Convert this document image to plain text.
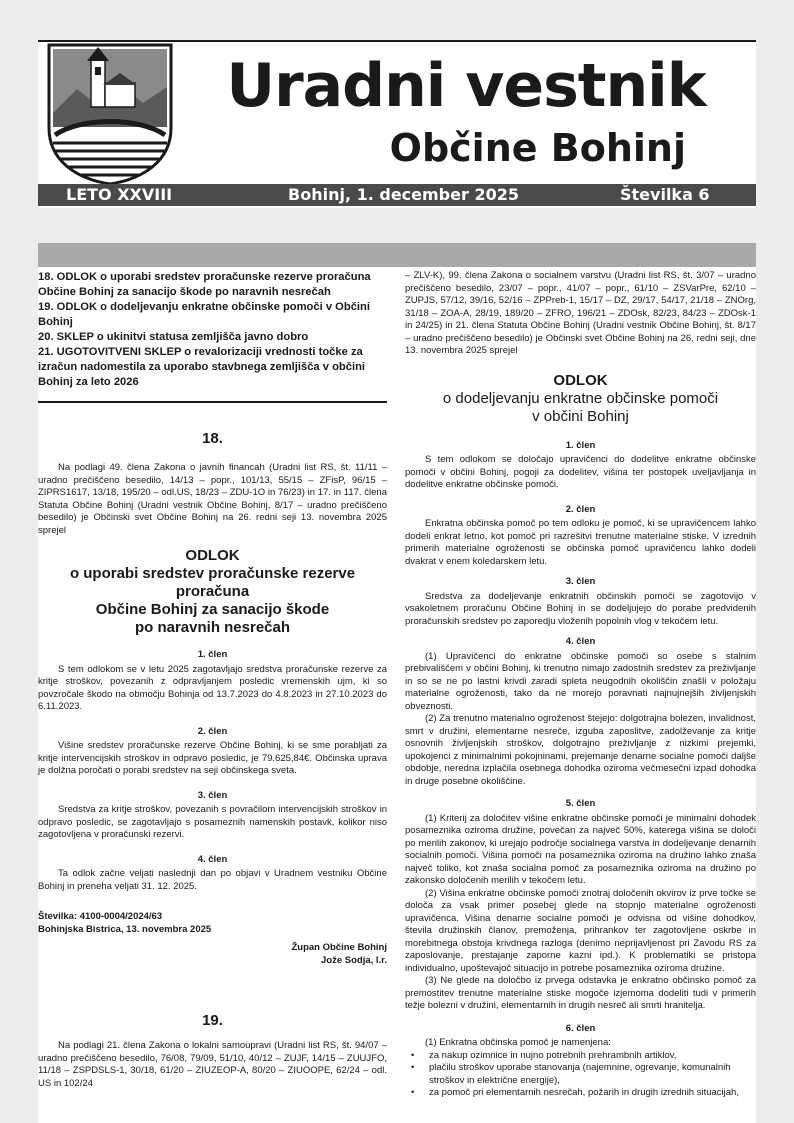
Uradni vestnik
Občine Bohinj
LETO XXVIII	Bohinj, 1. december 2025	Številka 6
18. ODLOK o uporabi sredstev proračunske rezerve proračuna Občine Bohinj za sanacijo škode po naravnih nesrečah
19. ODLOK o dodeljevanju enkratne občinske pomoči v Občini Bohinj
20. SKLEP o ukinitvi statusa zemljišča javno dobro
21. UGOTOVITVENI SKLEP o revalorizaciji vrednosti točke za izračun nadomestila za uporabo stavbnega zemljišča v občini Bohinj za leto 2026
18.

Na podlagi 49. člena Zakona o javnih financah (Uradni list RS, št. 11/11 – uradno prečiščeno besedilo, 14/13 – popr., 101/13, 55/15 – ZFisP, 96/15 – ZIPRS1617, 13/18, 195/20 – odl.US, 18/23 – ZDU-1O in 76/23) in 17. in 117. člena Statuta Občine Bohinj (Uradni vestnik Občine Bohinj, 8/17 – uradno prečiščeno besedilo) je Občinski svet Občine Bohinj na 26. redni seji 13. novembra 2025 sprejel

ODLOK
o uporabi sredstev proračunske rezerve proračuna
Občine Bohinj za sanacijo škode
po naravnih nesrečah
1. člen

S tem odlokom se v letu 2025 zagotavljajo sredstva proračunske rezerve za kritje stroškov, povezanih z odpravljanjem posledic vremenskih ujm, ki so povzročale škodo na območju Bohinja od 13.7.2023 do 4.8.2023 in 27.10.2023 do 6.11.2023.

2. člen

Višine sredstev proračunske rezerve Občine Bohinj, ki se sme porabljati za kritje intervencijskih stroškov in odpravo posledic, je 79.625,84€. Občinska uprava je dolžna poročati o porabi sredstev na seji občinskega sveta.

3. člen

Sredstva za kritje stroškov, povezanih s povračilom intervencijskih stroškov in odpravo posledic, se zagotavljajo s posameznih namenskih postavk, kolikor niso zagotovljena v proračunski rezervi.

4. člen

Ta odlok začne veljati naslednji dan po objavi v Uradnem vestniku Občine Bohinj in preneha veljati 31. 12. 2025.

Številka: 4100-0004/2024/63
Bohinjska Bistrica, 13. novembra 2025
Župan Občine Bohinj
Jože Sodja, l.r.
19.

Na podlagi 21. člena Zakona o lokalni samoupravi (Uradni list RS, št. 94/07 – uradno prečiščeno besedilo, 76/08, 79/09, 51/10, 40/12 – ZUJF, 14/15 – ZUUJFO, 11/18 – ZSPDSLS-1, 30/18, 61/20 – ZIUZEOP-A, 80/20 – ZIUOOPE, 62/24 – odl. US in 102/24

– ZLV-K), 99. člena Zakona o socialnem varstvu (Uradni list RS, št. 3/07 – uradno prečiščeno besedilo, 23/07 – popr., 41/07 – popr., 61/10 – ZSVarPre, 62/10 – ZUPJS, 57/12, 39/16, 52/16 – ZPPreb-1, 15/17 – DZ, 29/17, 54/17, 21/18 – ZNOrg, 31/18 – ZOA-A, 28/19, 189/20 – ZFRO, 196/21 – ZDOsk, 82/23, 84/23 – ZDOsk-1 in 24/25) in 21. člena Statuta Občine Bohinj (Uradni vestnik Občine Bohinj, št. 8/17 – uradno prečiščeno besedilo) je Občinski svet Občine Bohinj na 26. redni seji, dne 13. novembra 2025 sprejel

ODLOK
o dodeljevanju enkratne občinske pomoči
v občini Bohinj
1. člen

S tem odlokom se določajo upravičenci do dodelitve enkratne občinske pomoči v občini Bohinj, pogoji za dodelitev, višina ter postopek uveljavljanja in dodelitve enkratne občinske pomoči.

2. člen

Enkratna občinska pomoč po tem odloku je pomoč, ki se upravičencem lahko dodeli enkrat letno, kot pomoč pri razrešitvi trenutne materialne stiske. V izrednih primerih materialne ogroženosti se občinska pomoč upravičencu lahko dodeli dvakrat v enem koledarskem letu.

3. člen

Sredstva za dodeljevanje enkratnih občinskih pomoči se zagotovijo v vsakoletnem proračunu Občine Bohinj in se dodeljujejo do porabe predvidenih proračunskih sredstev po zaporedju vloženih popolnih vlog v tekočem letu.

4. člen

(1) Upravičenci do enkratne občinske pomoči so osebe s stalnim prebivališčem v občini Bohinj, ki trenutno nimajo zadostnih sredstev za preživljanje in so se ne po lastni krivdi zaradi spleta neugodnih okoliščin znašli v položaju materialne ogroženosti, tako da ne morejo poravnati najnujnejših življenjskih obveznosti.

(2) Za trenutno materialno ogroženost štejejo: dolgotrajna bolezen, invalidnost, smrt v družini, elementarne nesreče, izguba zaposlitve, zadolževanje za kritje osnovnih življenjskih stroškov, dolgotrajno preživljanje z nizkimi prejemki, upokojenci z minimalnimi pokojninami, prejemanje denarne socialne pomoči daljše obdobje, neredna izplačila osebnega dohodka oziroma večmesečni izpad dohodka in druge posebne okoliščine.

5. člen

(1) Kriterij za določitev višine enkratne občinske pomoči je minimalni dohodek posameznika oziroma družine, povečan za največ 50%, katerega višina se določi po merilih zakonov, ki urejajo področje socialnega varstva in dodeljevanje denarnih socialnih pomoči. Višina pomoči na posameznika oziroma na družino lahko znaša največ toliko, kot znaša socialna pomoč za posameznika oziroma na družino po zakonsko določenih merilih v tekočem letu.

(2) Višina enkratne občinske pomoči znotraj določenih okvirov iz prve točke se določa za vsak primer posebej glede na stopnjo materialne ogroženosti upravičenca. Višina denarne socialne pomoči je odvisna od višine dohodkov, števila družinskih članov, premoženja, prihrankov ter zagotovljene oskrbe in morebitnega obstoja krivdnega razloga (denimo neprijavljenost pri Zavodu RS za zaposlovanje, prestajanje zaporne kazni ipd.). K problematiki se pristopa individualno, upoštevajoč situacijo in potrebe posameznika oziroma družine.

(3) Ne glede na določbo iz prvega odstavka je enkratno občinsko pomoč za premostitev trenutne materialne stiske mogoče izjemoma dodeliti tudi v primerih težje bolezni v družini, elementarnih in drugih nesreč ali smrti hranitelja.

6. člen

(1) Enkratna občinska pomoč je namenjena:

• za nakup ozimnice in nujno potrebnih prehrambnih artiklov,
• plačilu stroškov uporabe stanovanja (najemnine, ogrevanje, komunalnih stroškov in električne energije),
• za pomoč pri elementarnih nesrečah, požarih in drugih izrednih situacijah,
